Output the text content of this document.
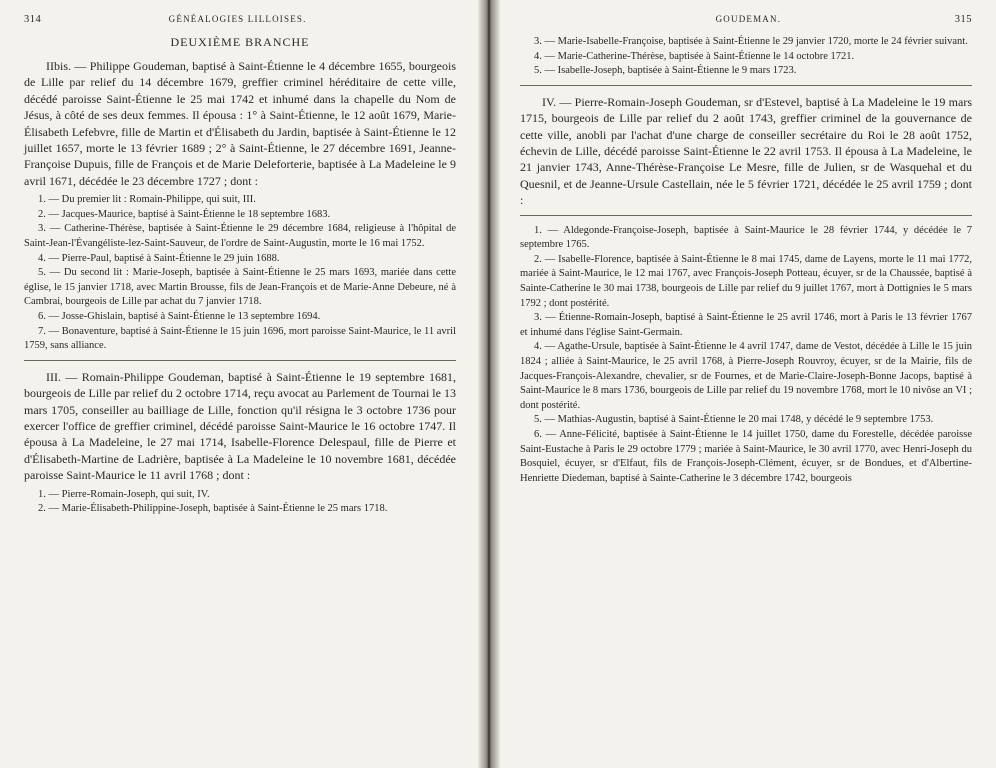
314	GÉNÉALOGIES LILLOISES.
DEUXIÈME BRANCHE

IIbis. — Philippe Goudeman, baptisé à Saint-Étienne le 4 décembre 1655, bourgeois de Lille par relief du 14 décembre 1679, greffier criminel héréditaire de cette ville, décédé paroisse Saint-Étienne le 25 mai 1742 et inhumé dans la chapelle du Nom de Jésus, à côté de ses deux femmes. Il épousa : 1° à Saint-Étienne, le 12 août 1679, Marie-Élisabeth Lefebvre, fille de Martin et d'Élisabeth du Jardin, baptisée à Saint-Étienne le 12 juillet 1657, morte le 13 février 1689 ; 2° à Saint-Étienne, le 27 décembre 1691, Jeanne-Françoise Dupuis, fille de François et de Marie Deleforterie, baptisée à La Madeleine le 9 avril 1671, décédée le 23 décembre 1727 ; dont :

1. — Du premier lit : Romain-Philippe, qui suit, III.

2. — Jacques-Maurice, baptisé à Saint-Étienne le 18 septembre 1683.

3. — Catherine-Thérèse, baptisée à Saint-Étienne le 29 décembre 1684, religieuse à l'hôpital de Saint-Jean-l'Évangéliste-lez-Saint-Sauveur, de l'ordre de Saint-Augustin, morte le 16 mai 1752.

4. — Pierre-Paul, baptisé à Saint-Étienne le 29 juin 1688.

5. — Du second lit : Marie-Joseph, baptisée à Saint-Étienne le 25 mars 1693, mariée dans cette église, le 15 janvier 1718, avec Martin Brousse, fils de Jean-François et de Marie-Anne Debeure, né à Cambrai, bourgeois de Lille par achat du 7 janvier 1718.

6. — Josse-Ghislain, baptisé à Saint-Étienne le 13 septembre 1694.

7. — Bonaventure, baptisé à Saint-Étienne le 15 juin 1696, mort paroisse Saint-Maurice, le 11 avril 1759, sans alliance.

III. — Romain-Philippe Goudeman, baptisé à Saint-Étienne le 19 septembre 1681, bourgeois de Lille par relief du 2 octobre 1714, reçu avocat au Parlement de Tournai le 13 mars 1705, conseiller au bailliage de Lille, fonction qu'il résigna le 3 octobre 1736 pour exercer l'office de greffier criminel, décédé paroisse Saint-Maurice le 16 octobre 1747. Il épousa à La Madeleine, le 27 mai 1714, Isabelle-Florence Delespaul, fille de Pierre et d'Élisabeth-Martine de Ladrière, baptisée à La Madeleine le 10 novembre 1681, décédée paroisse Saint-Maurice le 11 avril 1768 ; dont :

1. — Pierre-Romain-Joseph, qui suit, IV.

2. — Marie-Élisabeth-Philippine-Joseph, baptisée à Saint-Étienne le 25 mars 1718.

GOUDEMAN.	315

3. — Marie-Isabelle-Françoise, baptisée à Saint-Étienne le 29 janvier 1720, morte le 24 février suivant.

4. — Marie-Catherine-Thérèse, baptisée à Saint-Étienne le 14 octobre 1721.

5. — Isabelle-Joseph, baptisée à Saint-Étienne le 9 mars 1723.

IV. — Pierre-Romain-Joseph Goudeman, sr d'Estevel, baptisé à La Madeleine le 19 mars 1715, bourgeois de Lille par relief du 2 août 1743, greffier criminel de la gouvernance de cette ville, anobli par l'achat d'une charge de conseiller secrétaire du Roi le 28 août 1752, échevin de Lille, décédé paroisse Saint-Étienne le 22 avril 1753. Il épousa à La Madeleine, le 21 janvier 1743, Anne-Thérèse-Françoise Le Mesre, fille de Julien, sr de Wasquehal et du Quesnil, et de Jeanne-Ursule Castellain, née le 5 février 1721, décédée le 25 avril 1759 ; dont :

1. — Aldegonde-Françoise-Joseph, baptisée à Saint-Maurice le 28 février 1744, y décédée le 7 septembre 1765.

2. — Isabelle-Florence, baptisée à Saint-Étienne le 8 mai 1745, dame de Layens, morte le 11 mai 1772, mariée à Saint-Maurice, le 12 mai 1767, avec François-Joseph Potteau, écuyer, sr de la Chaussée, baptisé à Sainte-Catherine le 30 mai 1738, bourgeois de Lille par relief du 9 juillet 1767, mort à Dottignies le 5 mars 1792 ; dont postérité.

3. — Étienne-Romain-Joseph, baptisé à Saint-Étienne le 25 avril 1746, mort à Paris le 13 février 1767 et inhumé dans l'église Saint-Germain.

4. — Agathe-Ursule, baptisée à Saint-Étienne le 4 avril 1747, dame de Vestot, décédée à Lille le 15 juin 1824 ; alliée à Saint-Maurice, le 25 avril 1768, à Pierre-Joseph Rouvroy, écuyer, sr de la Mairie, fils de Jacques-François-Alexandre, chevalier, sr de Fournes, et de Marie-Claire-Joseph-Bonne Jacops, baptisé à Saint-Maurice le 8 mars 1736, bourgeois de Lille par relief du 19 novembre 1768, mort le 10 nivôse an VI ; dont postérité.

5. — Mathias-Augustin, baptisé à Saint-Étienne le 20 mai 1748, y décédé le 9 septembre 1753.

6. — Anne-Félicité, baptisée à Saint-Étienne le 14 juillet 1750, dame du Forestelle, décédée paroisse Saint-Eustache à Paris le 29 octobre 1779 ; mariée à Saint-Maurice, le 30 avril 1770, avec Henri-Joseph du Bosquiel, écuyer, sr d'Elfaut, fils de François-Joseph-Clément, écuyer, sr de Bondues, et d'Albertine-Henriette Diedeman, baptisé à Sainte-Catherine le 3 décembre 1742, bourgeois
